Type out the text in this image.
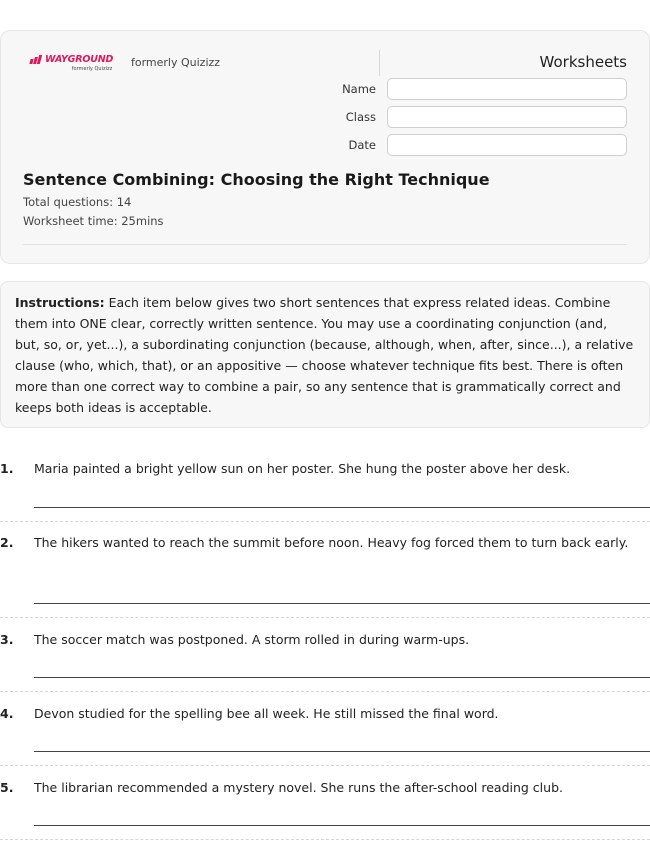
WAYGROUND
formerly Quizizz formerly Quizizz	Worksheets
Name
Class
Date
Sentence Combining: Choosing the Right Technique
Total questions: 14
Worksheet time: 25mins
Instructions: Each item below gives two short sentences that express related ideas. Combine them into ONE clear, correctly written sentence. You may use a coordinating conjunction (and, but, so, or, yet...), a subordinating conjunction (because, although, when, after, since...), a relative clause (who, which, that), or an appositive — choose whatever technique fits best. There is often more than one correct way to combine a pair, so any sentence that is grammatically correct and keeps both ideas is acceptable.
1. Maria painted a bright yellow sun on her poster. She hung the poster above her desk.
2. The hikers wanted to reach the summit before noon. Heavy fog forced them to turn back early.
3. The soccer match was postponed. A storm rolled in during warm-ups.
4. Devon studied for the spelling bee all week. He still missed the final word.
5. The librarian recommended a mystery novel. She runs the after-school reading club.
